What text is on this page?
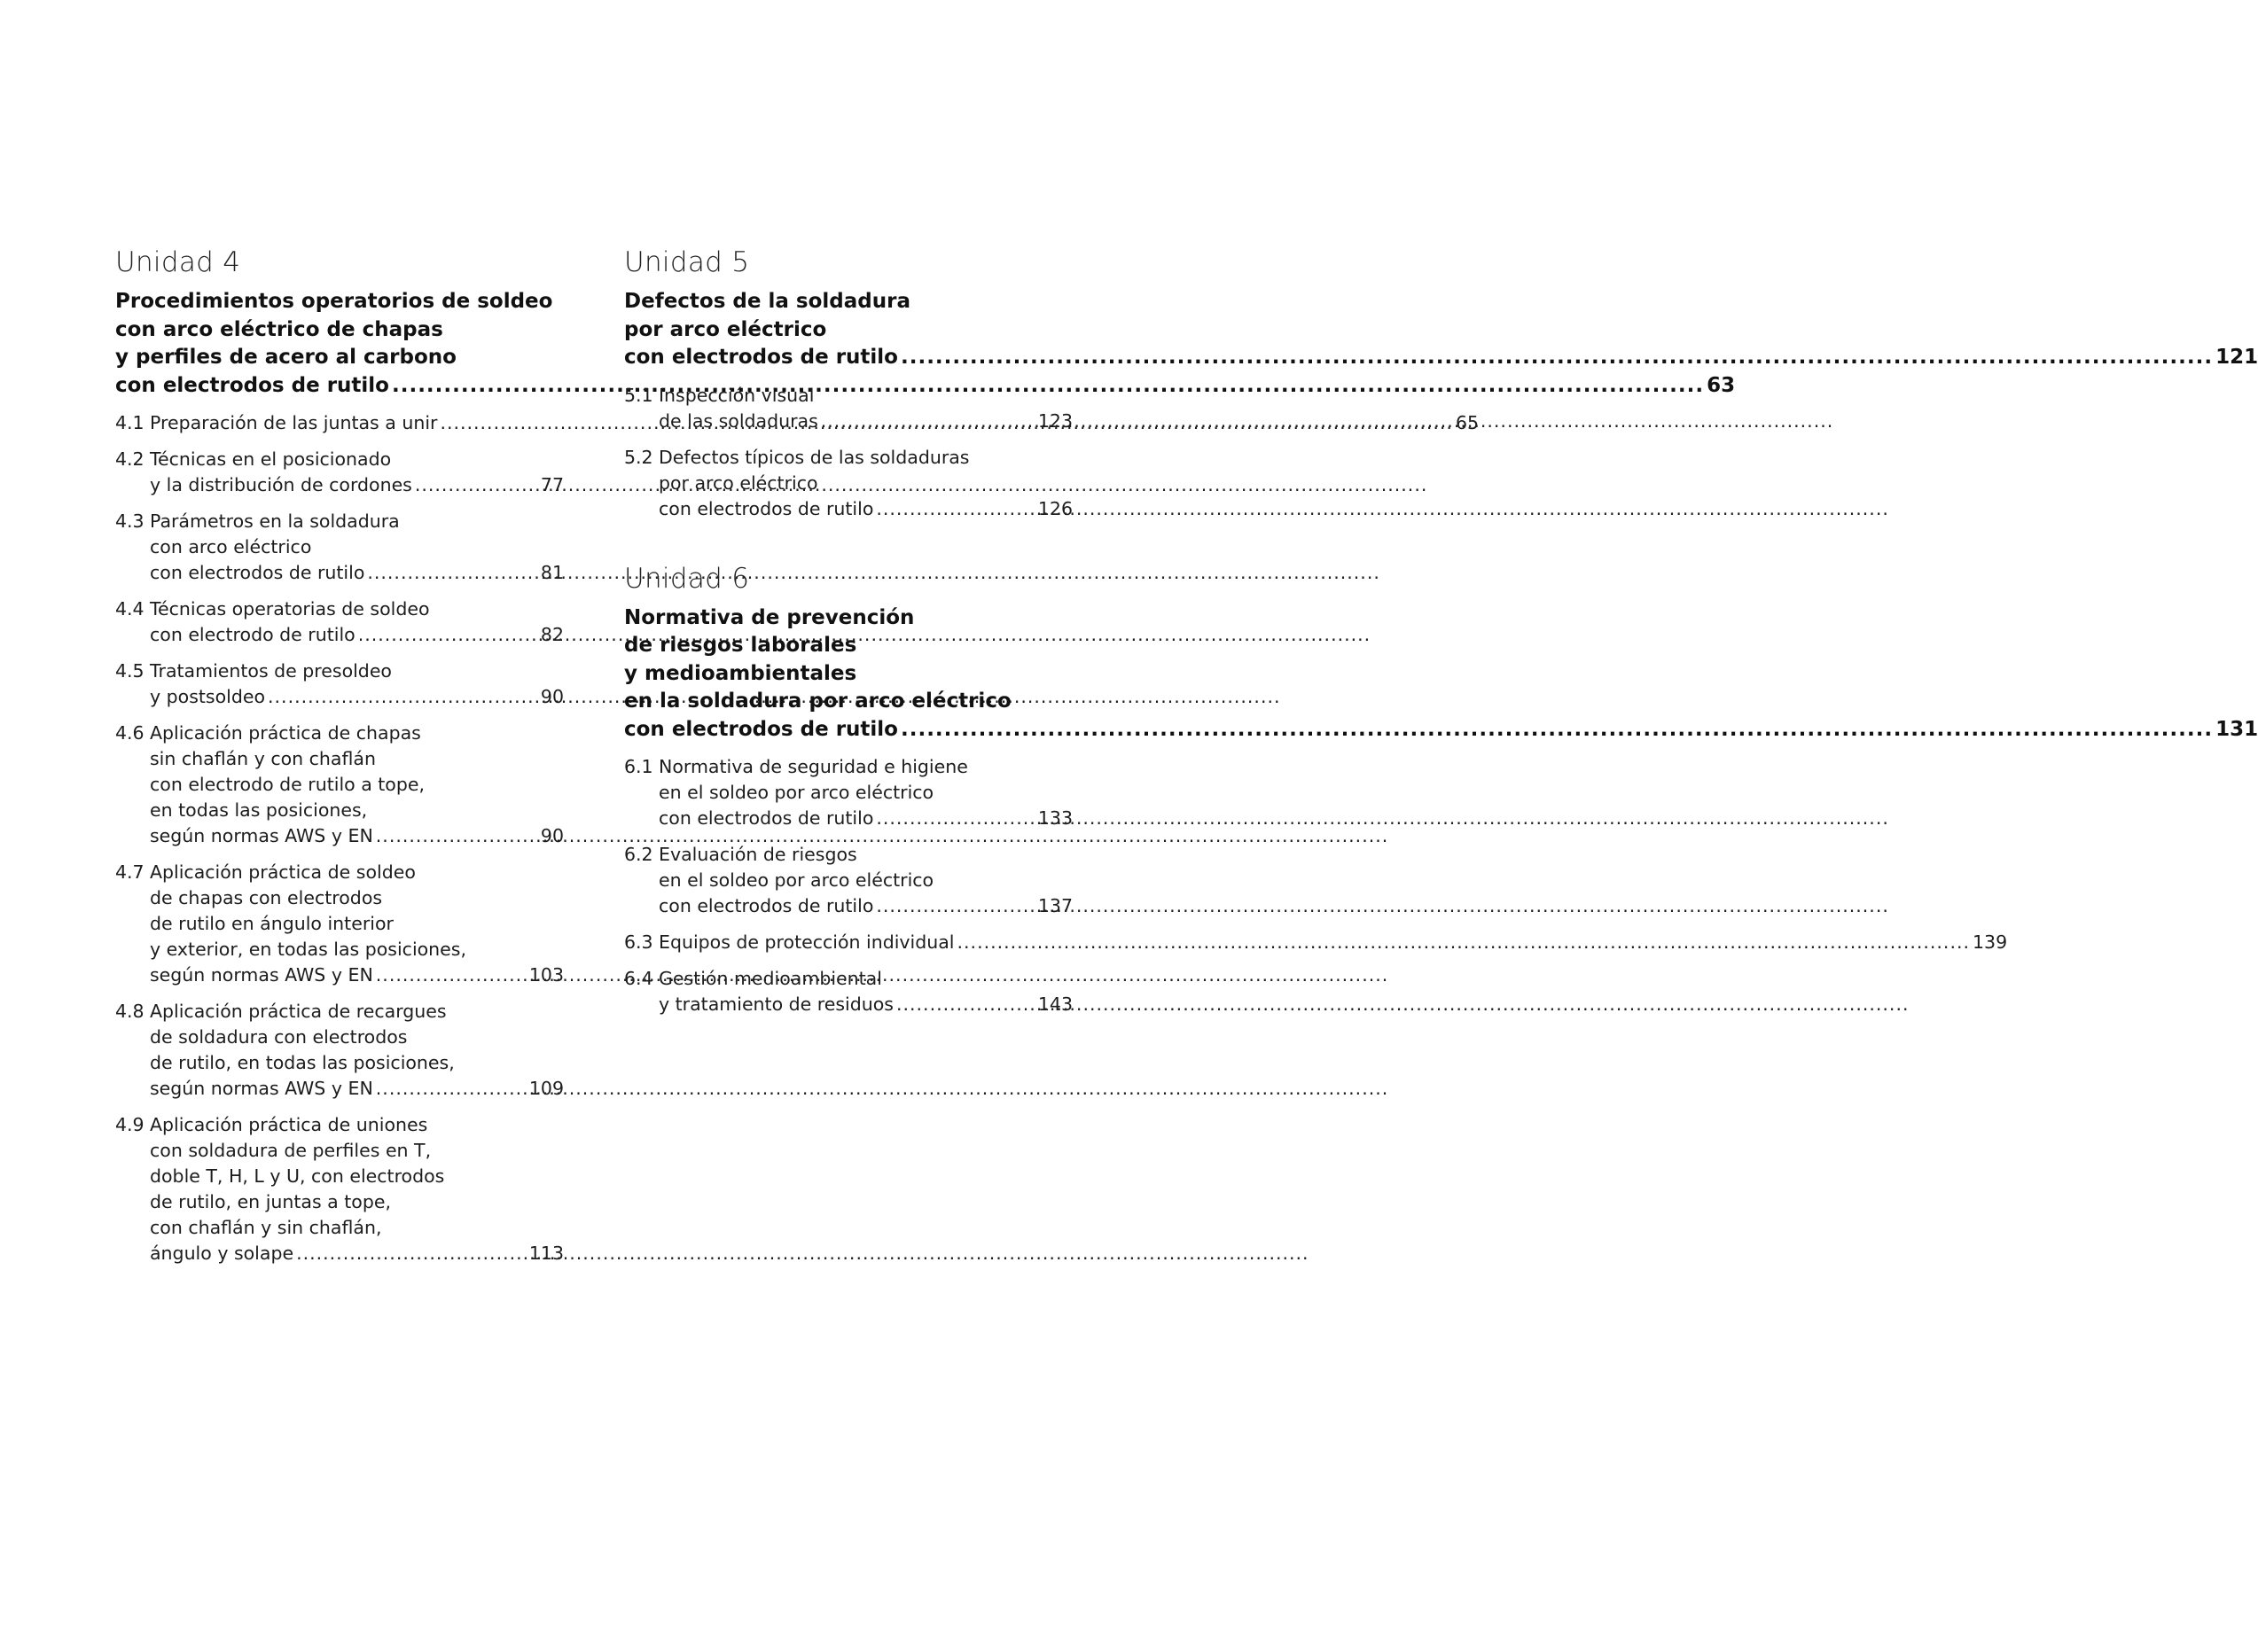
Unidad 4
Procedimientos operatorios de soldeo
con arco eléctrico de chapas
y perfiles de acero al carbono
con electrodos de rutilo .....	63
4.1 Preparación de las juntas a unir .....	65
4.2 Técnicas en el posicionado
y la distribución de cordones .....	77
4.3 Parámetros en la soldadura
con arco eléctrico
con electrodos de rutilo .....	81
4.4 Técnicas operatorias de soldeo
con electrodo de rutilo .....	82
4.5 Tratamientos de presoldeo
y postsoldeo .....	90
4.6 Aplicación práctica de chapas
sin chaflán y con chaflán
con electrodo de rutilo a tope,
en todas las posiciones,
según normas AWS y EN .....	90
4.7 Aplicación práctica de soldeo
de chapas con electrodos
de rutilo en ángulo interior
y exterior, en todas las posiciones,
según normas AWS y EN .....	103
4.8 Aplicación práctica de recargues
de soldadura con electrodos
de rutilo, en todas las posiciones,
según normas AWS y EN .....	109
4.9 Aplicación práctica de uniones
con soldadura de perfiles en T,
doble T, H, L y U, con electrodos
de rutilo, en juntas a tope,
con chaflán y sin chaflán,
ángulo y solape .....	113
Unidad 5
Defectos de la soldadura
por arco eléctrico
con electrodos de rutilo .....	121
5.1 Inspección visual
de las soldaduras .....	123
5.2 Defectos típicos de las soldaduras
por arco eléctrico
con electrodos de rutilo .....	126
Unidad 6
Normativa de prevención
de riesgos laborales
y medioambientales
en la soldadura por arco eléctrico
con electrodos de rutilo .....	131
6.1 Normativa de seguridad e higiene
en el soldeo por arco eléctrico
con electrodos de rutilo .....	133
6.2 Evaluación de riesgos
en el soldeo por arco eléctrico
con electrodos de rutilo .....	137
6.3 Equipos de protección individual .....	139
6.4 Gestión medioambiental
y tratamiento de residuos .....	143
